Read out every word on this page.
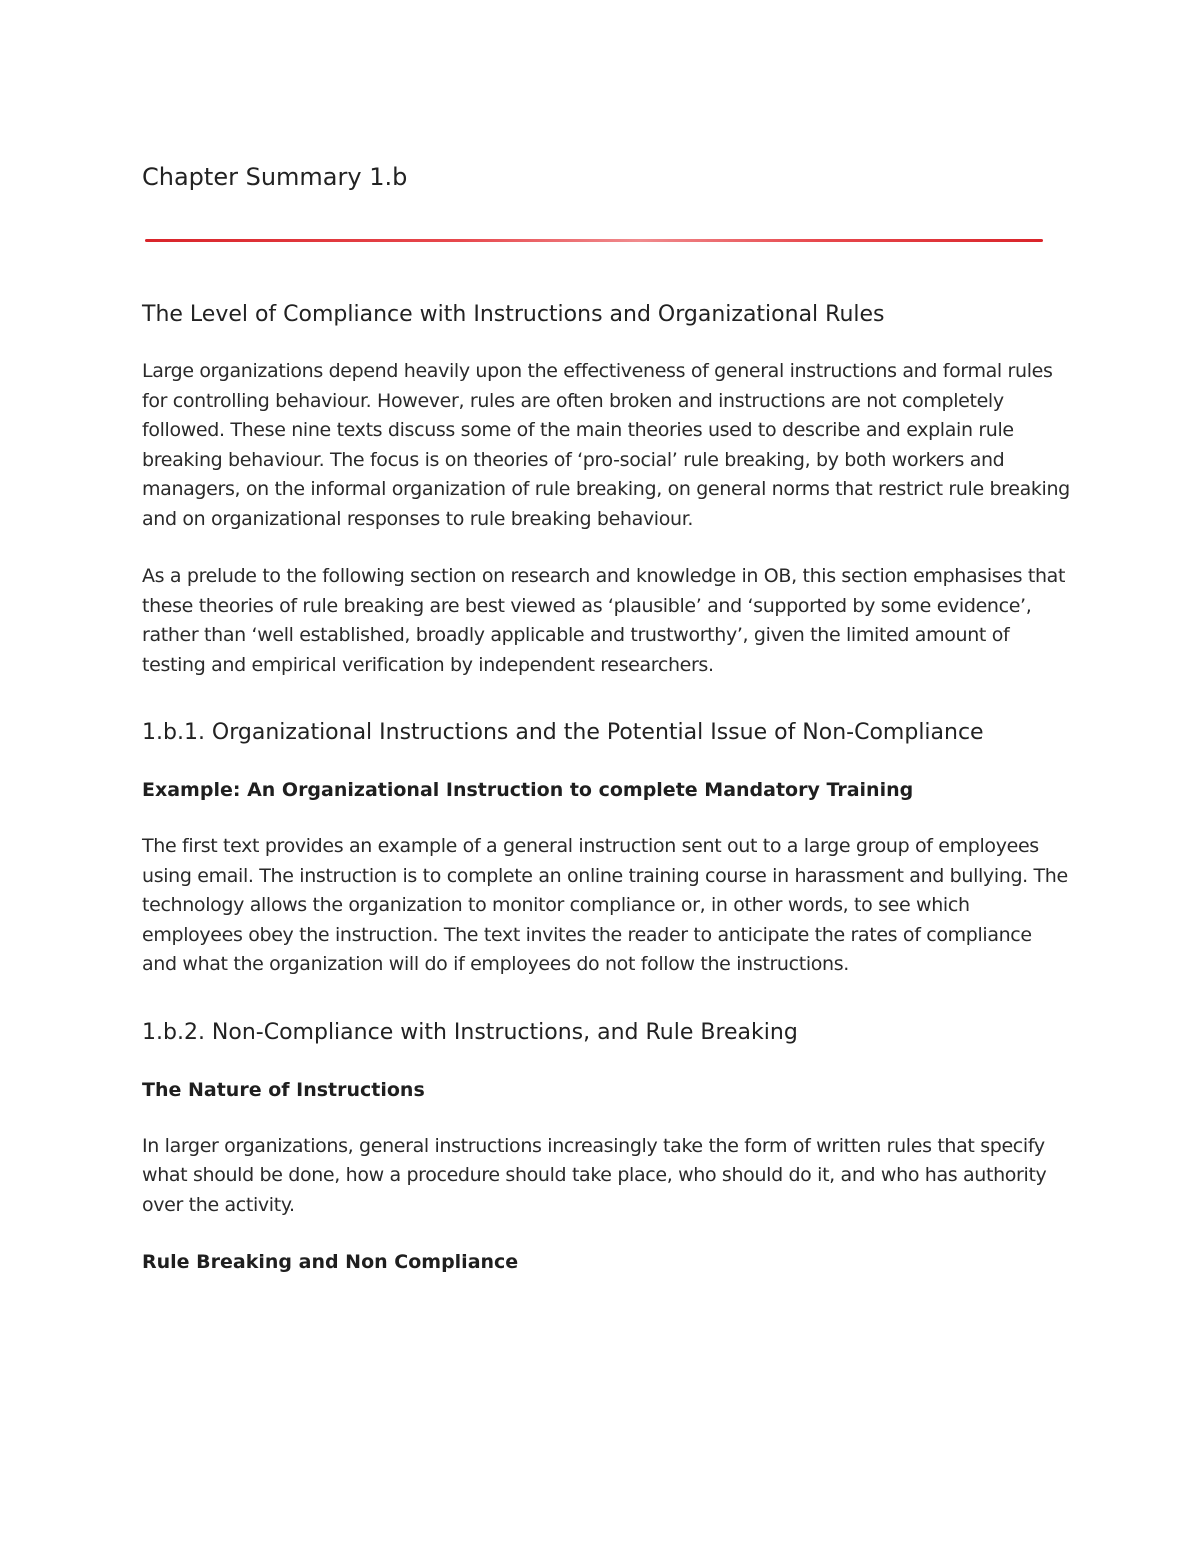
Chapter Summary 1.b
The Level of Compliance with Instructions and Organizational Rules

Large organizations depend heavily upon the effectiveness of general instructions and formal rules for controlling behaviour. However, rules are often broken and instructions are not completely followed. These nine texts discuss some of the main theories used to describe and explain rule breaking behaviour. The focus is on theories of ‘pro-social’ rule breaking, by both workers and managers, on the informal organization of rule breaking, on general norms that restrict rule breaking and on organizational responses to rule breaking behaviour.

As a prelude to the following section on research and knowledge in OB, this section emphasises that these theories of rule breaking are best viewed as ‘plausible’ and ‘supported by some evidence’, rather than ‘well established, broadly applicable and trustworthy’, given the limited amount of testing and empirical verification by independent researchers.

1.b.1. Organizational Instructions and the Potential Issue of Non-Compliance
Example: An Organizational Instruction to complete Mandatory Training

The first text provides an example of a general instruction sent out to a large group of employees using email. The instruction is to complete an online training course in harassment and bullying. The technology allows the organization to monitor compliance or, in other words, to see which employees obey the instruction. The text invites the reader to anticipate the rates of compliance and what the organization will do if employees do not follow the instructions.

1.b.2. Non-Compliance with Instructions, and Rule Breaking
The Nature of Instructions

In larger organizations, general instructions increasingly take the form of written rules that specify what should be done, how a procedure should take place, who should do it, and who has authority over the activity.

Rule Breaking and Non Compliance
